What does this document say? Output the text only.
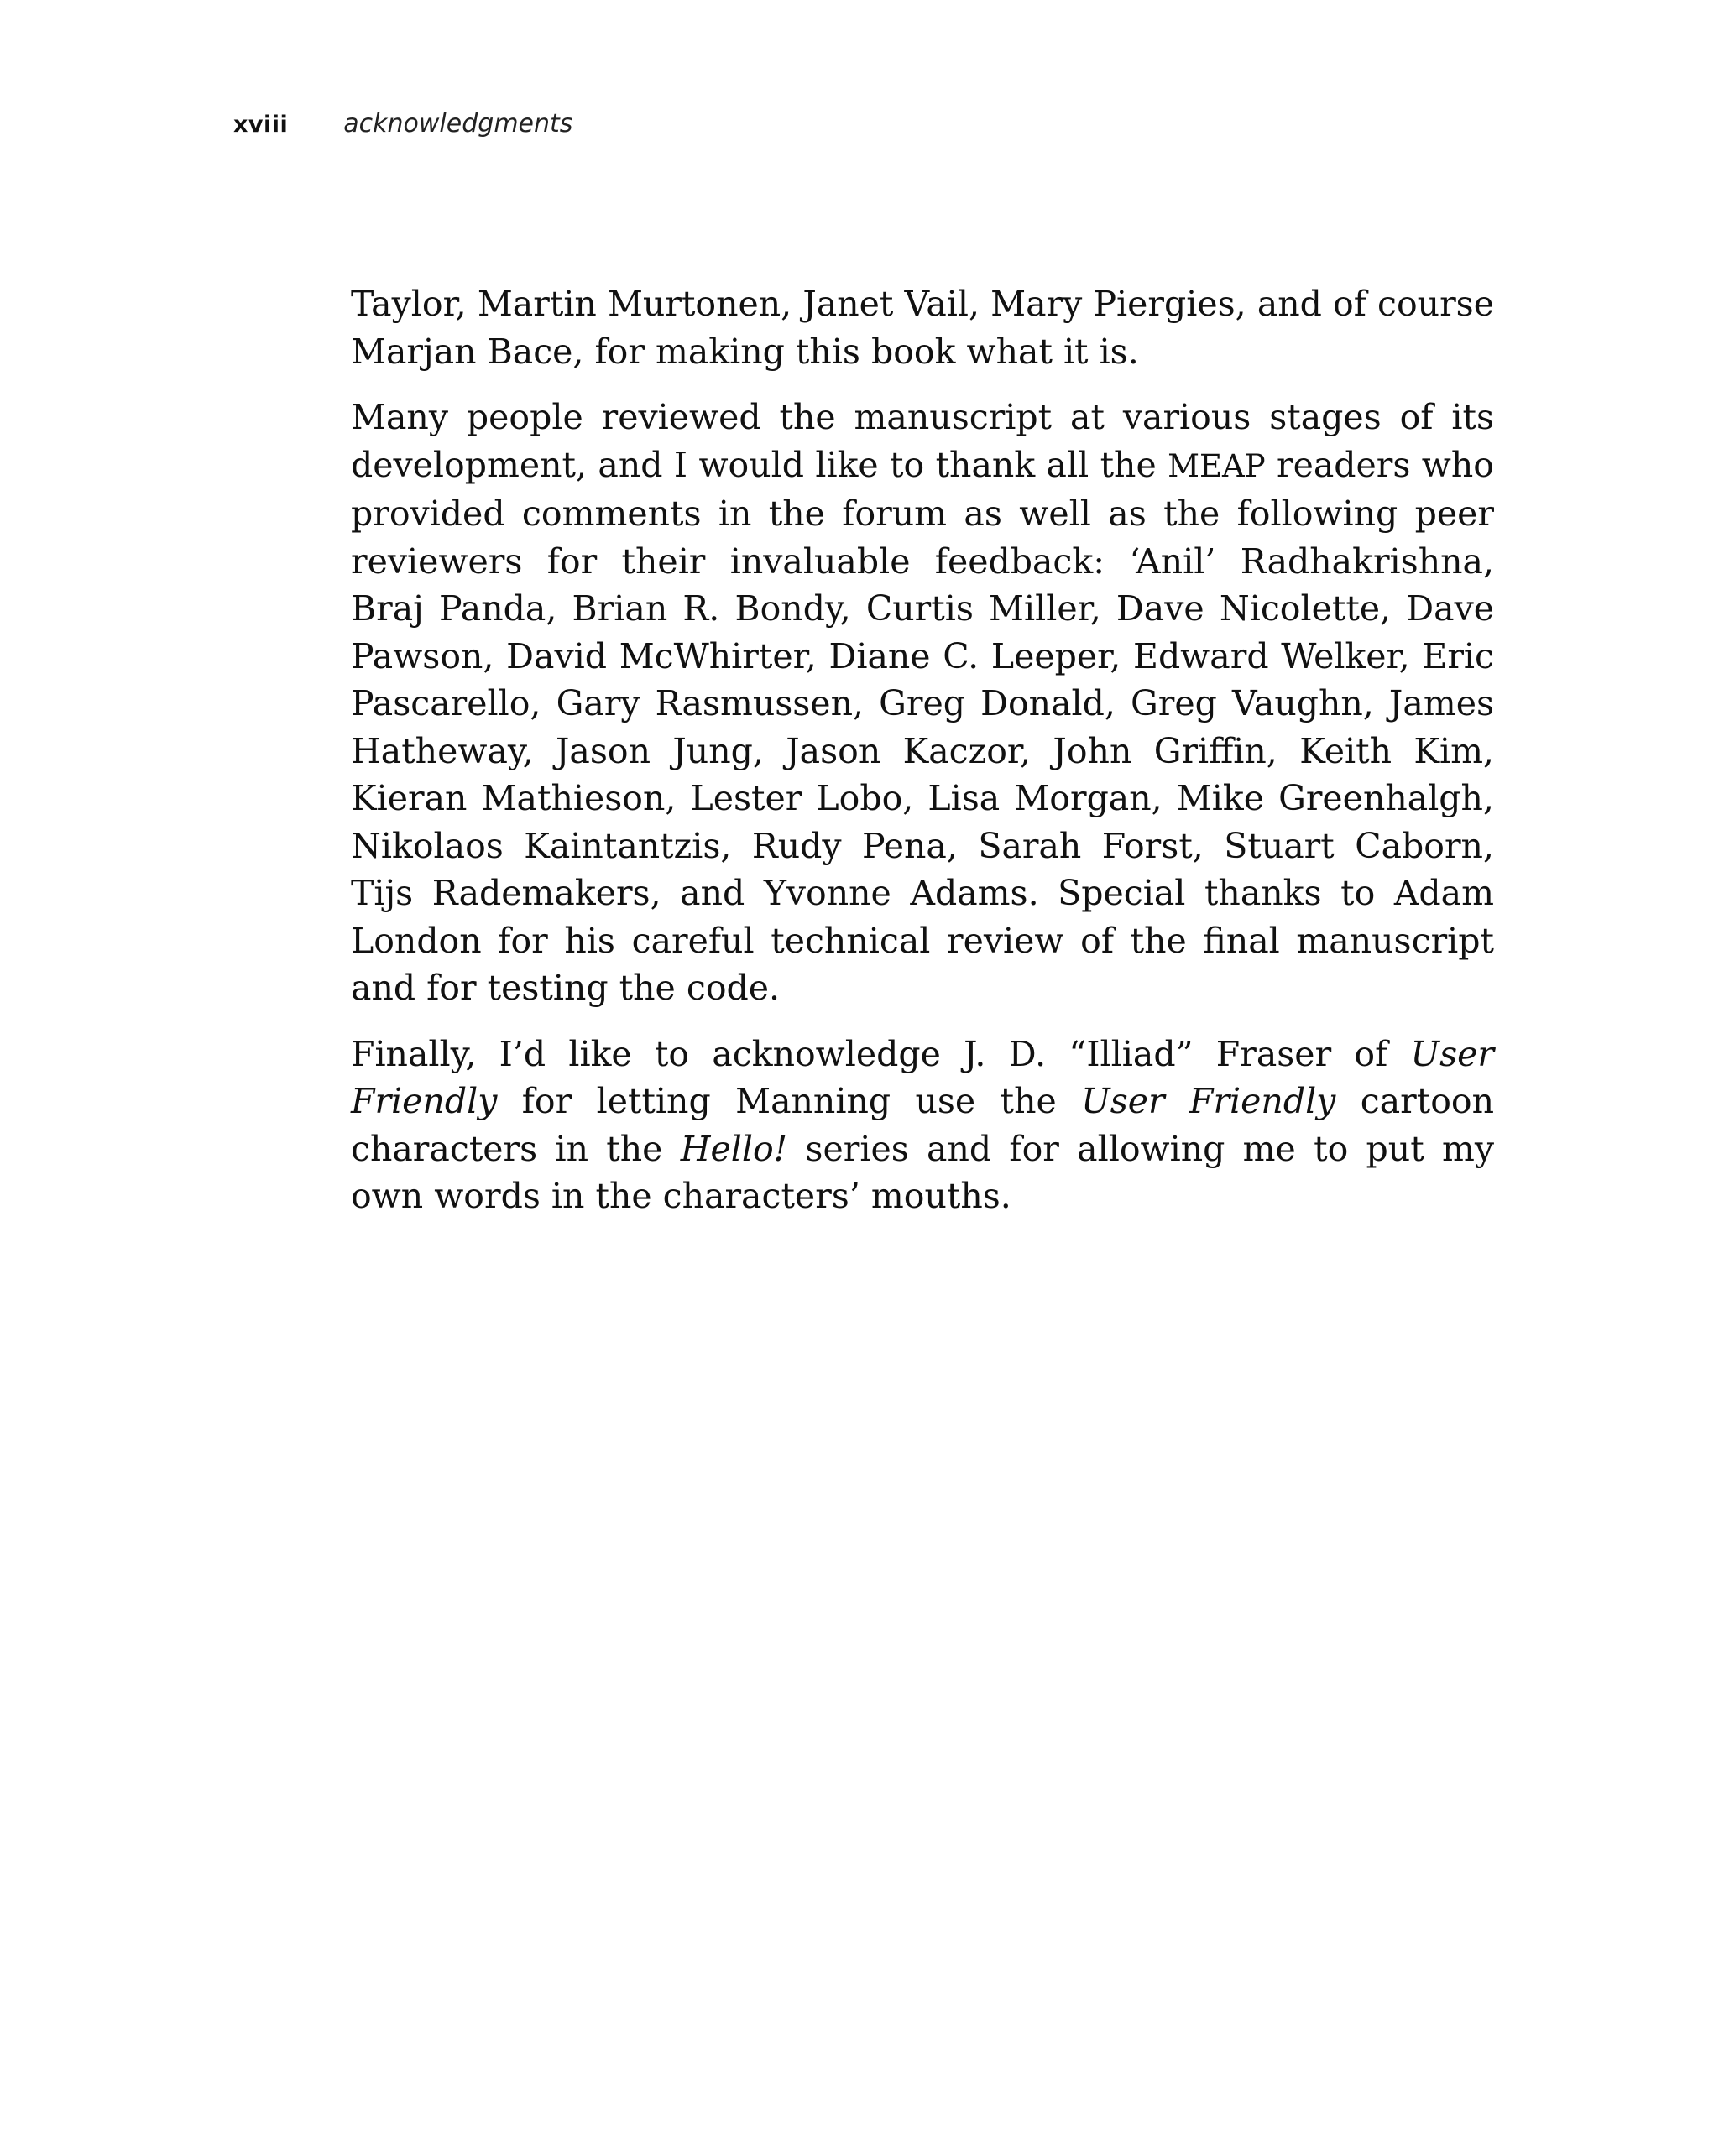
xviii acknowledgments

Taylor, Martin Murtonen, Janet Vail, Mary Piergies, and of course Marjan Bace, for making this book what it is.

Many people reviewed the manuscript at various stages of its development, and I would like to thank all the MEAP readers who provided comments in the forum as well as the following peer reviewers for their invaluable feedback: ‘Anil’ Radhakrishna, Braj Panda, Brian R. Bondy, Curtis Miller, Dave Nicolette, Dave Pawson, David McWhirter, Diane C. Leeper, Edward Welker, Eric Pascarello, Gary Rasmussen, Greg Donald, Greg Vaughn, James Hatheway, Jason Jung, Jason Kaczor, John Griffin, Keith Kim, Kieran Mathieson, Lester Lobo, Lisa Morgan, Mike Greenhalgh, Nikolaos Kaintantzis, Rudy Pena, Sarah Forst, Stuart Caborn, Tijs Rademakers, and Yvonne Adams. Special thanks to Adam London for his careful technical review of the final manuscript and for testing the code.

Finally, I’d like to acknowledge J. D. “Illiad” Fraser of User Friendly for letting Manning use the User Friendly cartoon characters in the Hello! series and for allowing me to put my own words in the characters’ mouths.
